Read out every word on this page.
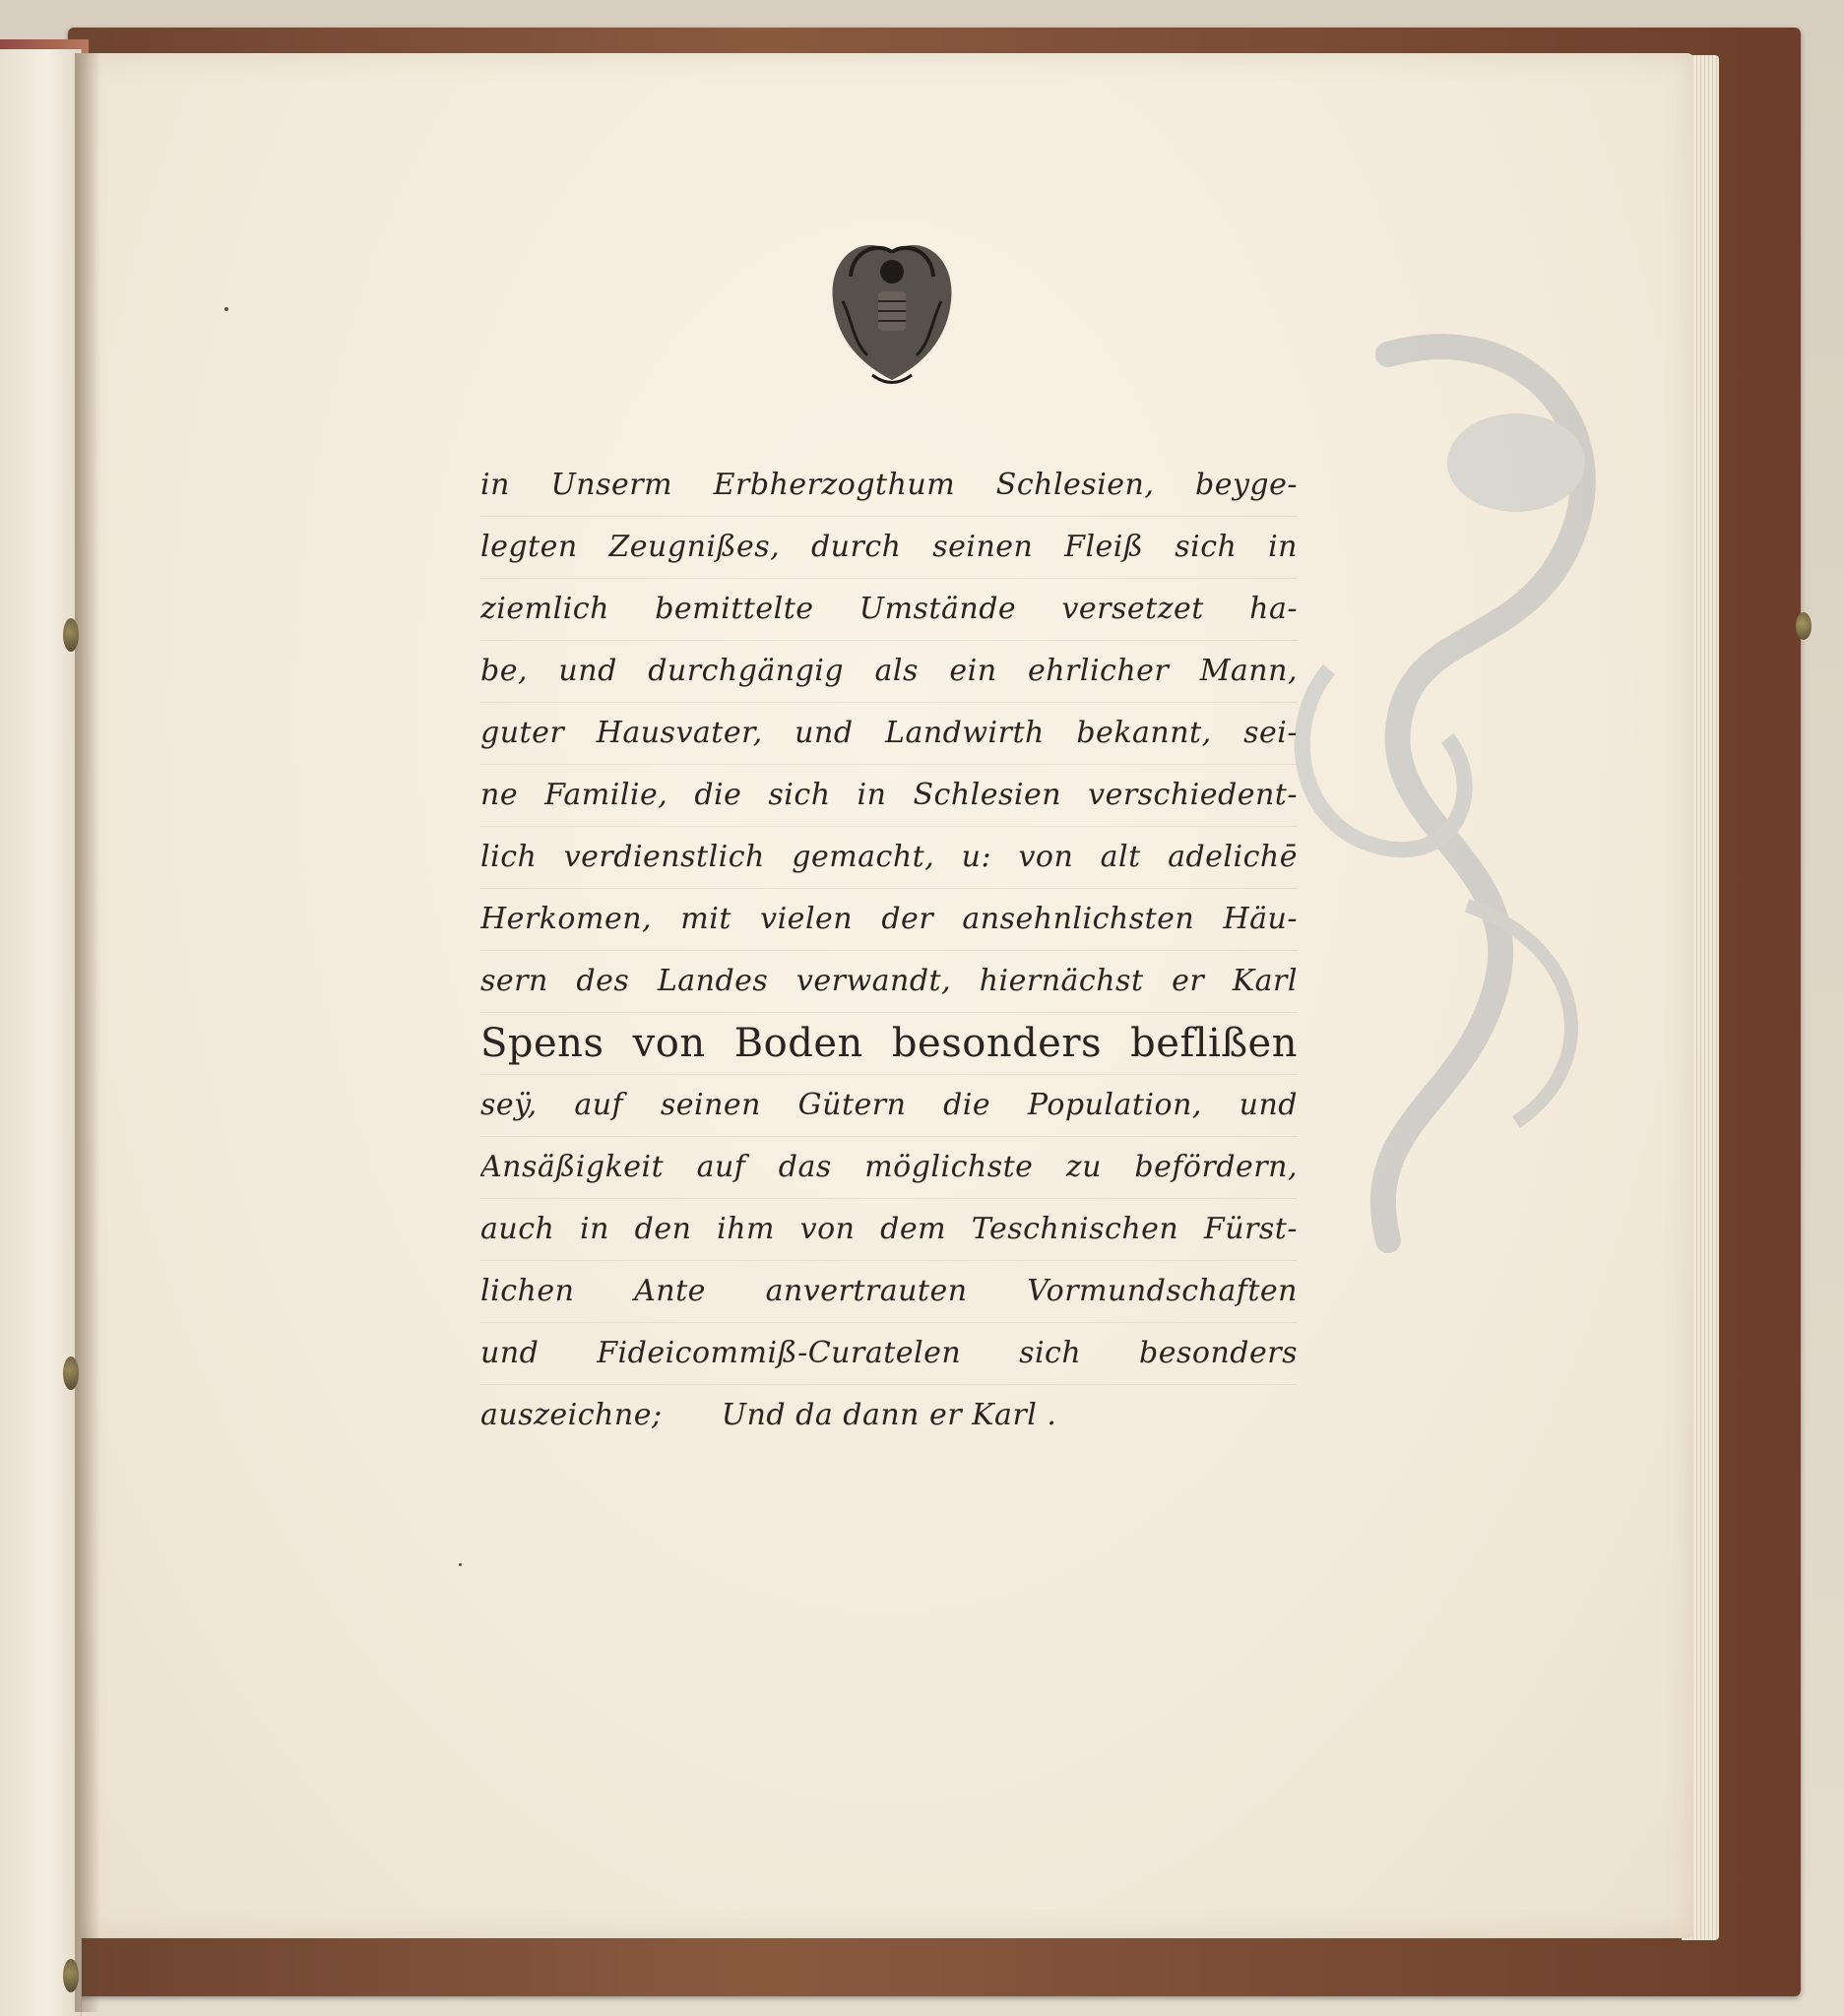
in Unserm Erbherzogthum Schlesien, beyge-
legten Zeugnißes, durch seinen Fleiß sich in
ziemlich bemittelte Umstände versetzet ha-
be, und durchgängig als ein ehrlicher Mann,
guter Hausvater, und Landwirth bekannt, sei-
ne Familie, die sich in Schlesien verschiedent-
lich verdienstlich gemacht, u: von alt adelichē
Herkomen, mit vielen der ansehnlichsten Häu-
sern des Landes verwandt, hiernächst er Karl
Spens von Boden besonders beflißen
seÿ, auf seinen Gütern die Population, und
Ansäßigkeit auf das möglichste zu befördern,
auch in den ihm von dem Teschnischen Fürst-
lichen Ante anvertrauten Vormundschaften
und Fideicommiß-Curatelen sich besonders
auszeichne;      Und da dann er Karl .
